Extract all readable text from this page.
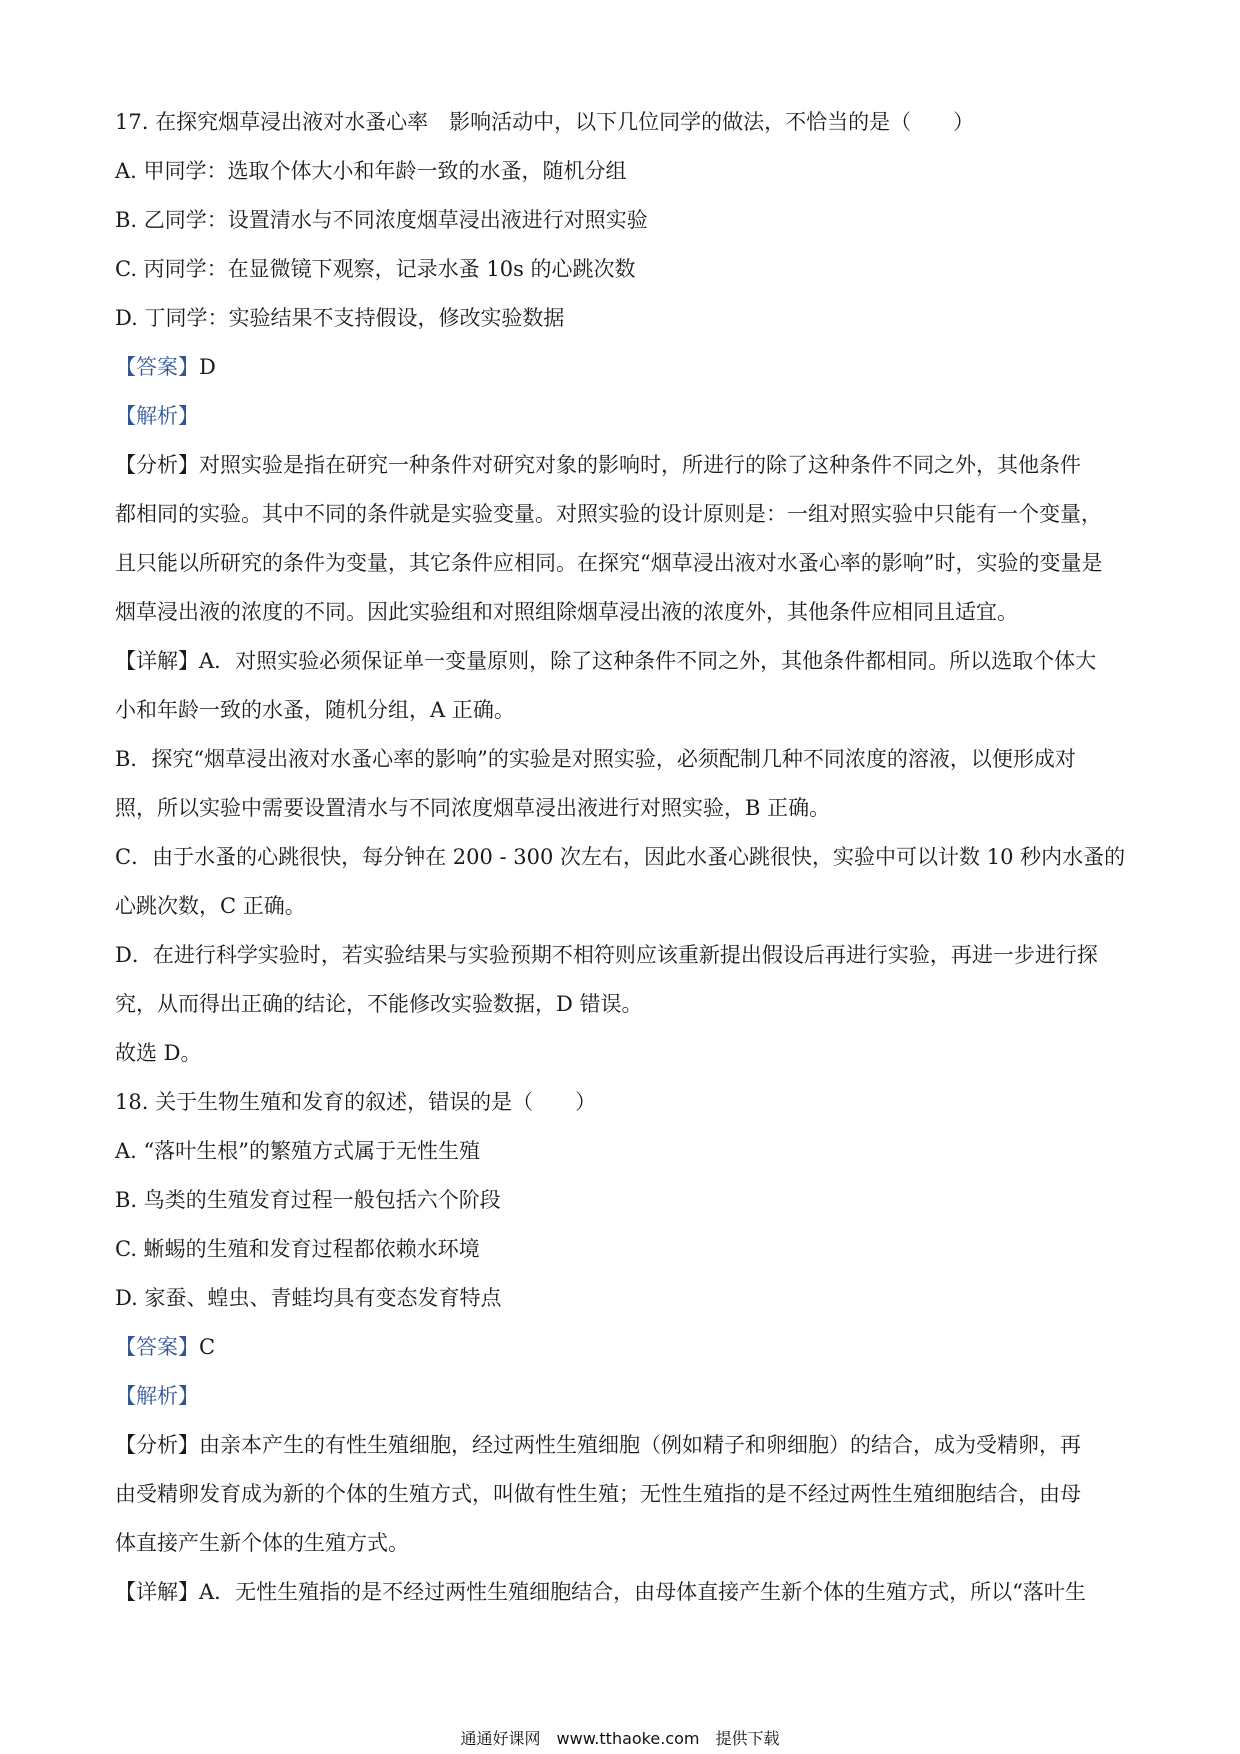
17. 在探究烟草浸出液对水蚤心率　影响活动中，以下几位同学的做法，不恰当的是（　　）
A. 甲同学：选取个体大小和年龄一致的水蚤，随机分组
B. 乙同学：设置清水与不同浓度烟草浸出液进行对照实验
C. 丙同学：在显微镜下观察，记录水蚤 10s 的心跳次数
D. 丁同学：实验结果不支持假设，修改实验数据
【答案】D
【解析】
【分析】对照实验是指在研究一种条件对研究对象的影响时，所进行的除了这种条件不同之外，其他条件
都相同的实验。其中不同的条件就是实验变量。对照实验的设计原则是：一组对照实验中只能有一个变量，
且只能以所研究的条件为变量，其它条件应相同。在探究“烟草浸出液对水蚤心率的影响”时，实验的变量是
烟草浸出液的浓度的不同。因此实验组和对照组除烟草浸出液的浓度外，其他条件应相同且适宜。
【详解】A．对照实验必须保证单一变量原则，除了这种条件不同之外，其他条件都相同。所以选取个体大
小和年龄一致的水蚤，随机分组，A 正确。
B．探究“烟草浸出液对水蚤心率的影响”的实验是对照实验，必须配制几种不同浓度的溶液，以便形成对
照，所以实验中需要设置清水与不同浓度烟草浸出液进行对照实验，B 正确。
C．由于水蚤的心跳很快，每分钟在 200 - 300 次左右，因此水蚤心跳很快，实验中可以计数 10 秒内水蚤的
心跳次数，C 正确。
D．在进行科学实验时，若实验结果与实验预期不相符则应该重新提出假设后再进行实验，再进一步进行探
究，从而得出正确的结论，不能修改实验数据，D 错误。
故选 D。
18. 关于生物生殖和发育的叙述，错误的是（　　）
A. “落叶生根”的繁殖方式属于无性生殖
B. 鸟类的生殖发育过程一般包括六个阶段
C. 蜥蜴的生殖和发育过程都依赖水环境
D. 家蚕、蝗虫、青蛙均具有变态发育特点
【答案】C
【解析】
【分析】由亲本产生的有性生殖细胞，经过两性生殖细胞（例如精子和卵细胞）的结合，成为受精卵，再
由受精卵发育成为新的个体的生殖方式，叫做有性生殖；无性生殖指的是不经过两性生殖细胞结合，由母
体直接产生新个体的生殖方式。
【详解】A．无性生殖指的是不经过两性生殖细胞结合，由母体直接产生新个体的生殖方式，所以“落叶生
通通好课网　www.tthaoke.com　提供下载
